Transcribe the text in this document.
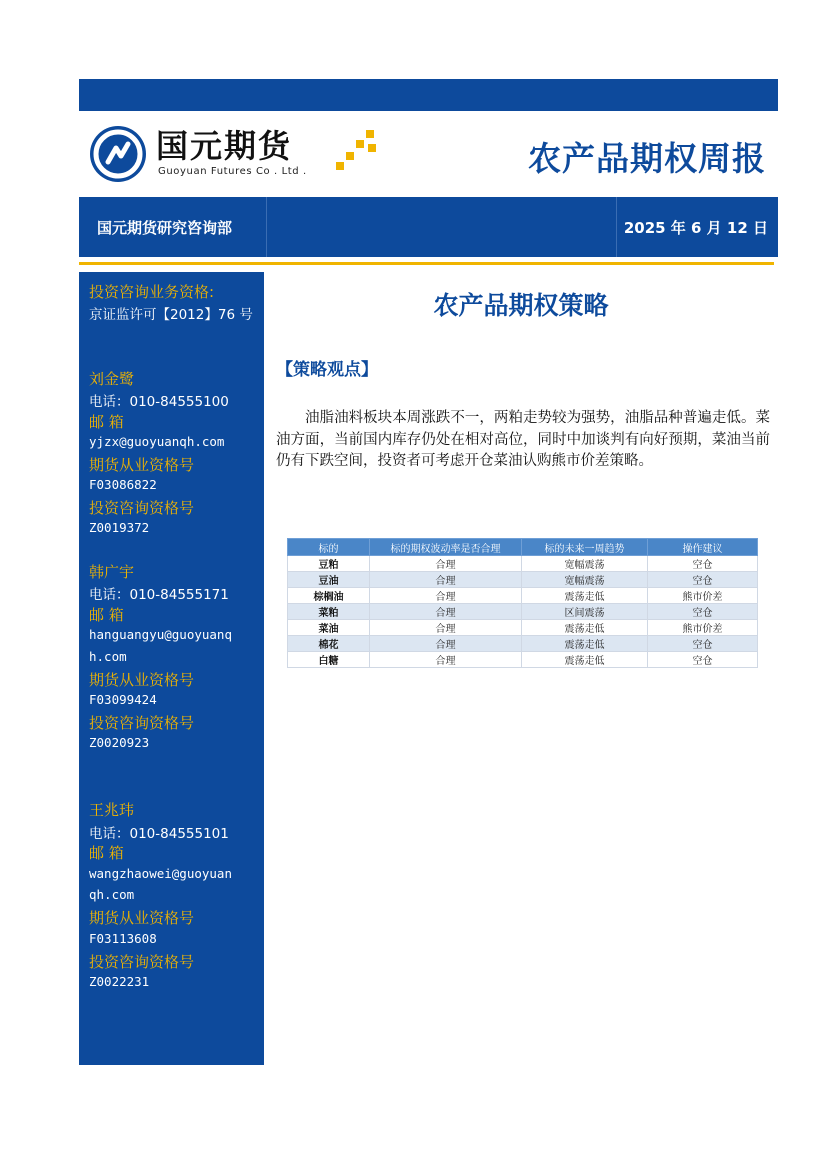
国元期货
Guoyuan Futures Co . Ltd .	农产品期权周报
国元期货研究咨询部	2025 年 6 月 12 日
投资咨询业务资格:
京证监许可【2012】76 号
刘金鹭
电话：010-84555100
邮 箱
yjzx@guoyuanqh.com
期货从业资格号
F03086822
投资咨询资格号
Z0019372
韩广宇
电话：010-84555171
邮 箱
hanguangyu@guoyuanq
h.com
期货从业资格号
F03099424
投资咨询资格号
Z0020923
王兆玮
电话：010-84555101
邮 箱
wangzhaowei@guoyuan
qh.com
期货从业资格号
F03113608
投资咨询资格号
Z0022231
农产品期权策略
【策略观点】
油脂油料板块本周涨跌不一，两粕走势较为强势，油脂品种普遍走低。菜油方面，当前国内库存仍处在相对高位，同时中加谈判有向好预期，菜油当前仍有下跌空间，投资者可考虑开仓菜油认购熊市价差策略。
标的	标的期权波动率是否合理	标的未来一周趋势	操作建议
豆粕	合理	宽幅震荡	空仓
豆油	合理	宽幅震荡	空仓
棕榈油	合理	震荡走低	熊市价差
菜粕	合理	区间震荡	空仓
菜油	合理	震荡走低	熊市价差
棉花	合理	震荡走低	空仓
白糖	合理	震荡走低	空仓
